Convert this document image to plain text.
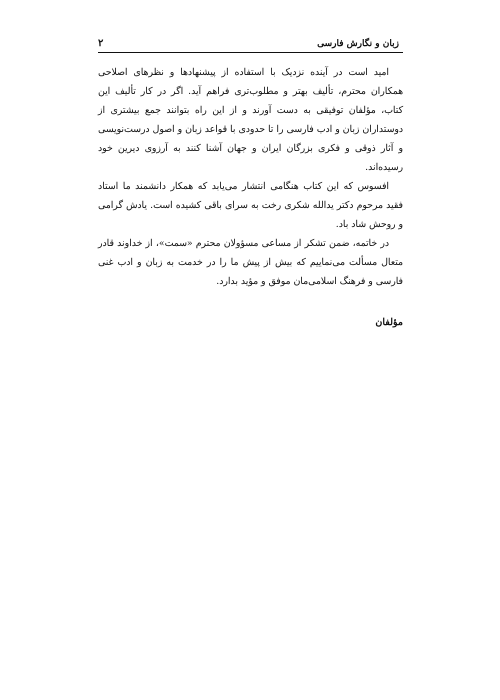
زبان و نگارش فارسی
۲

امید است در آینده نزدیک با استفاده از پیشنهادها و نظرهای اصلاحی همکاران محترم، تألیف بهتر و مطلوب‌تری فراهم آید. اگر در کار تألیف این کتاب، مؤلفان توفیقی به دست آورند و از این راه بتوانند جمع بیشتری از دوستداران زبان و ادب فارسی را تا حدودی با قواعد زبان و اصول درست‌نویسی و آثار ذوقی و فکری بزرگان ایران و جهان آشنا کنند به آرزوی دیرین خود رسیده‌اند.

افسوس که این کتاب هنگامی انتشار می‌یابد که همکار دانشمند ما استاد فقید مرحوم دکتر یدالله شکری رخت به سرای باقی کشیده است. یادش گرامی و روحش شاد باد.

در خاتمه، ضمن تشکر از مساعی مسؤولان محترم «سمت»، از خداوند قادر متعال مسألت می‌نماییم که بیش از پیش ما را در خدمت به زبان و ادب غنی فارسی و فرهنگ اسلامی‌مان موفق و مؤید بدارد.

مؤلفان
